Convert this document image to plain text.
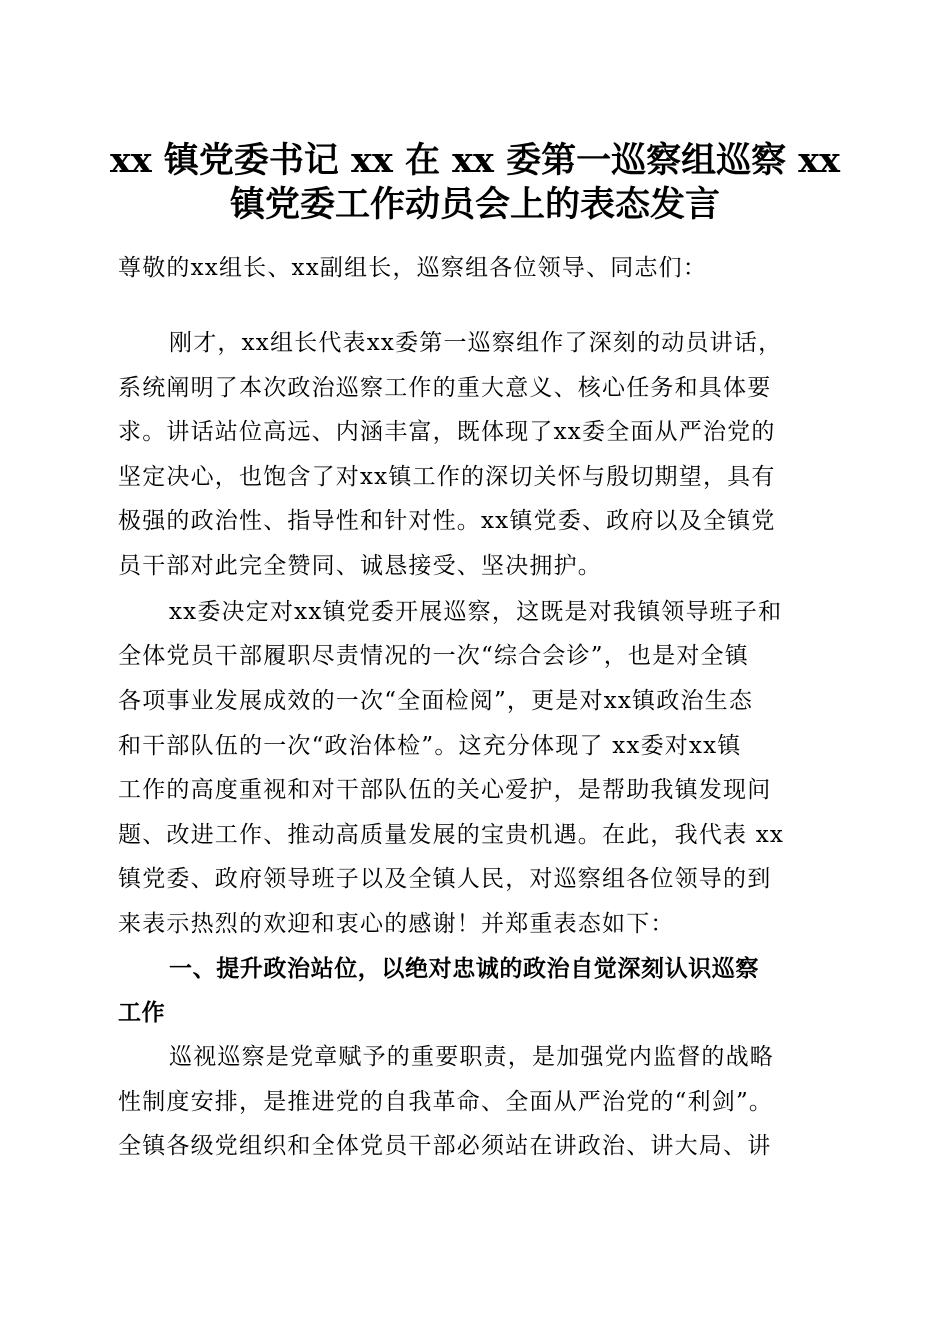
xx 镇党委书记 xx 在 xx 委第一巡察组巡察 xx
镇党委工作动员会上的表态发言

尊敬的xx组长、xx副组长，巡察组各位领导、同志们：

刚才，xx组长代表xx委第一巡察组作了深刻的动员讲话，

系统阐明了本次政治巡察工作的重大意义、核心任务和具体要

求。讲话站位高远、内涵丰富，既体现了xx委全面从严治党的

坚定决心，也饱含了对xx镇工作的深切关怀与殷切期望，具有

极强的政治性、指导性和针对性。xx镇党委、政府以及全镇党

员干部对此完全赞同、诚恳接受、坚决拥护。

xx委决定对xx镇党委开展巡察，这既是对我镇领导班子和

全体党员干部履职尽责情况的一次“综合会诊”，也是对全镇

各项事业发展成效的一次“全面检阅”，更是对xx镇政治生态

和干部队伍的一次“政治体检”。这充分体现了 xx委对xx镇

工作的高度重视和对干部队伍的关心爱护，是帮助我镇发现问

题、改进工作、推动高质量发展的宝贵机遇。在此，我代表 xx

镇党委、政府领导班子以及全镇人民，对巡察组各位领导的到

来表示热烈的欢迎和衷心的感谢！并郑重表态如下：

一、提升政治站位，以绝对忠诚的政治自觉深刻认识巡察

工作

巡视巡察是党章赋予的重要职责，是加强党内监督的战略

性制度安排，是推进党的自我革命、全面从严治党的“利剑”。

全镇各级党组织和全体党员干部必须站在讲政治、讲大局、讲
